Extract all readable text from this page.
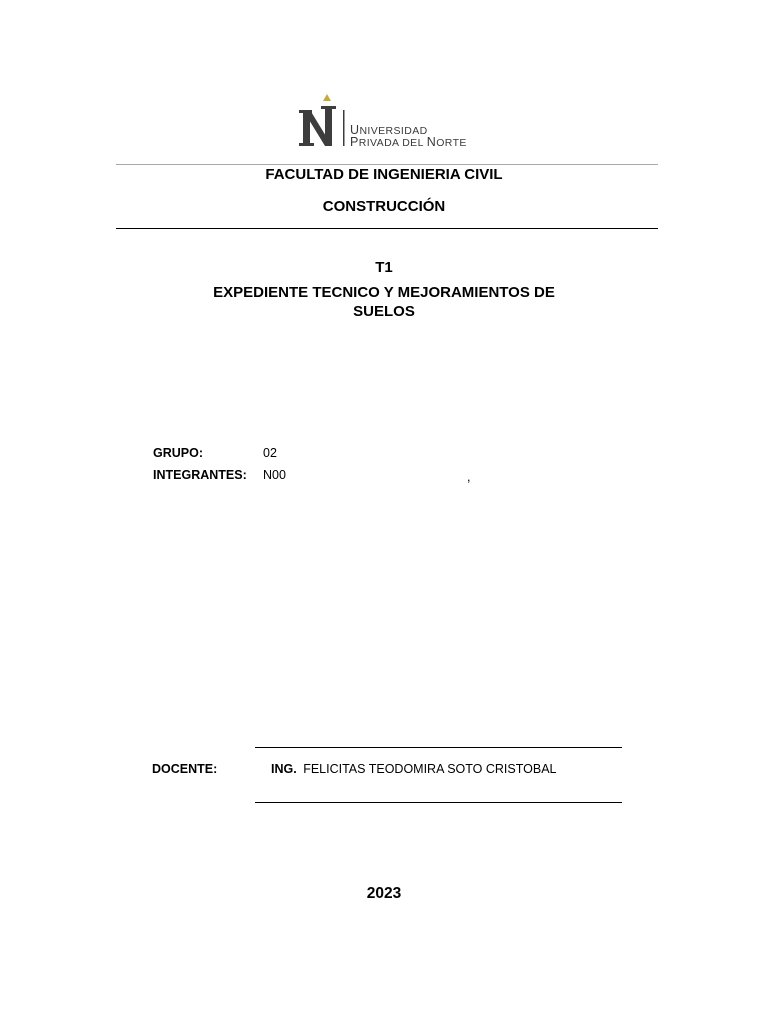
UNIVERSIDAD
PRIVADA DEL NORTE
FACULTAD DE INGENIERIA CIVIL
CONSTRUCCIÓN
T1
EXPEDIENTE TECNICO Y MEJORAMIENTOS DE
SUELOS
GRUPO:	02
INTEGRANTES: N00	,
DOCENTE:	ING. FELICITAS TEODOMIRA SOTO CRISTOBAL
2023
